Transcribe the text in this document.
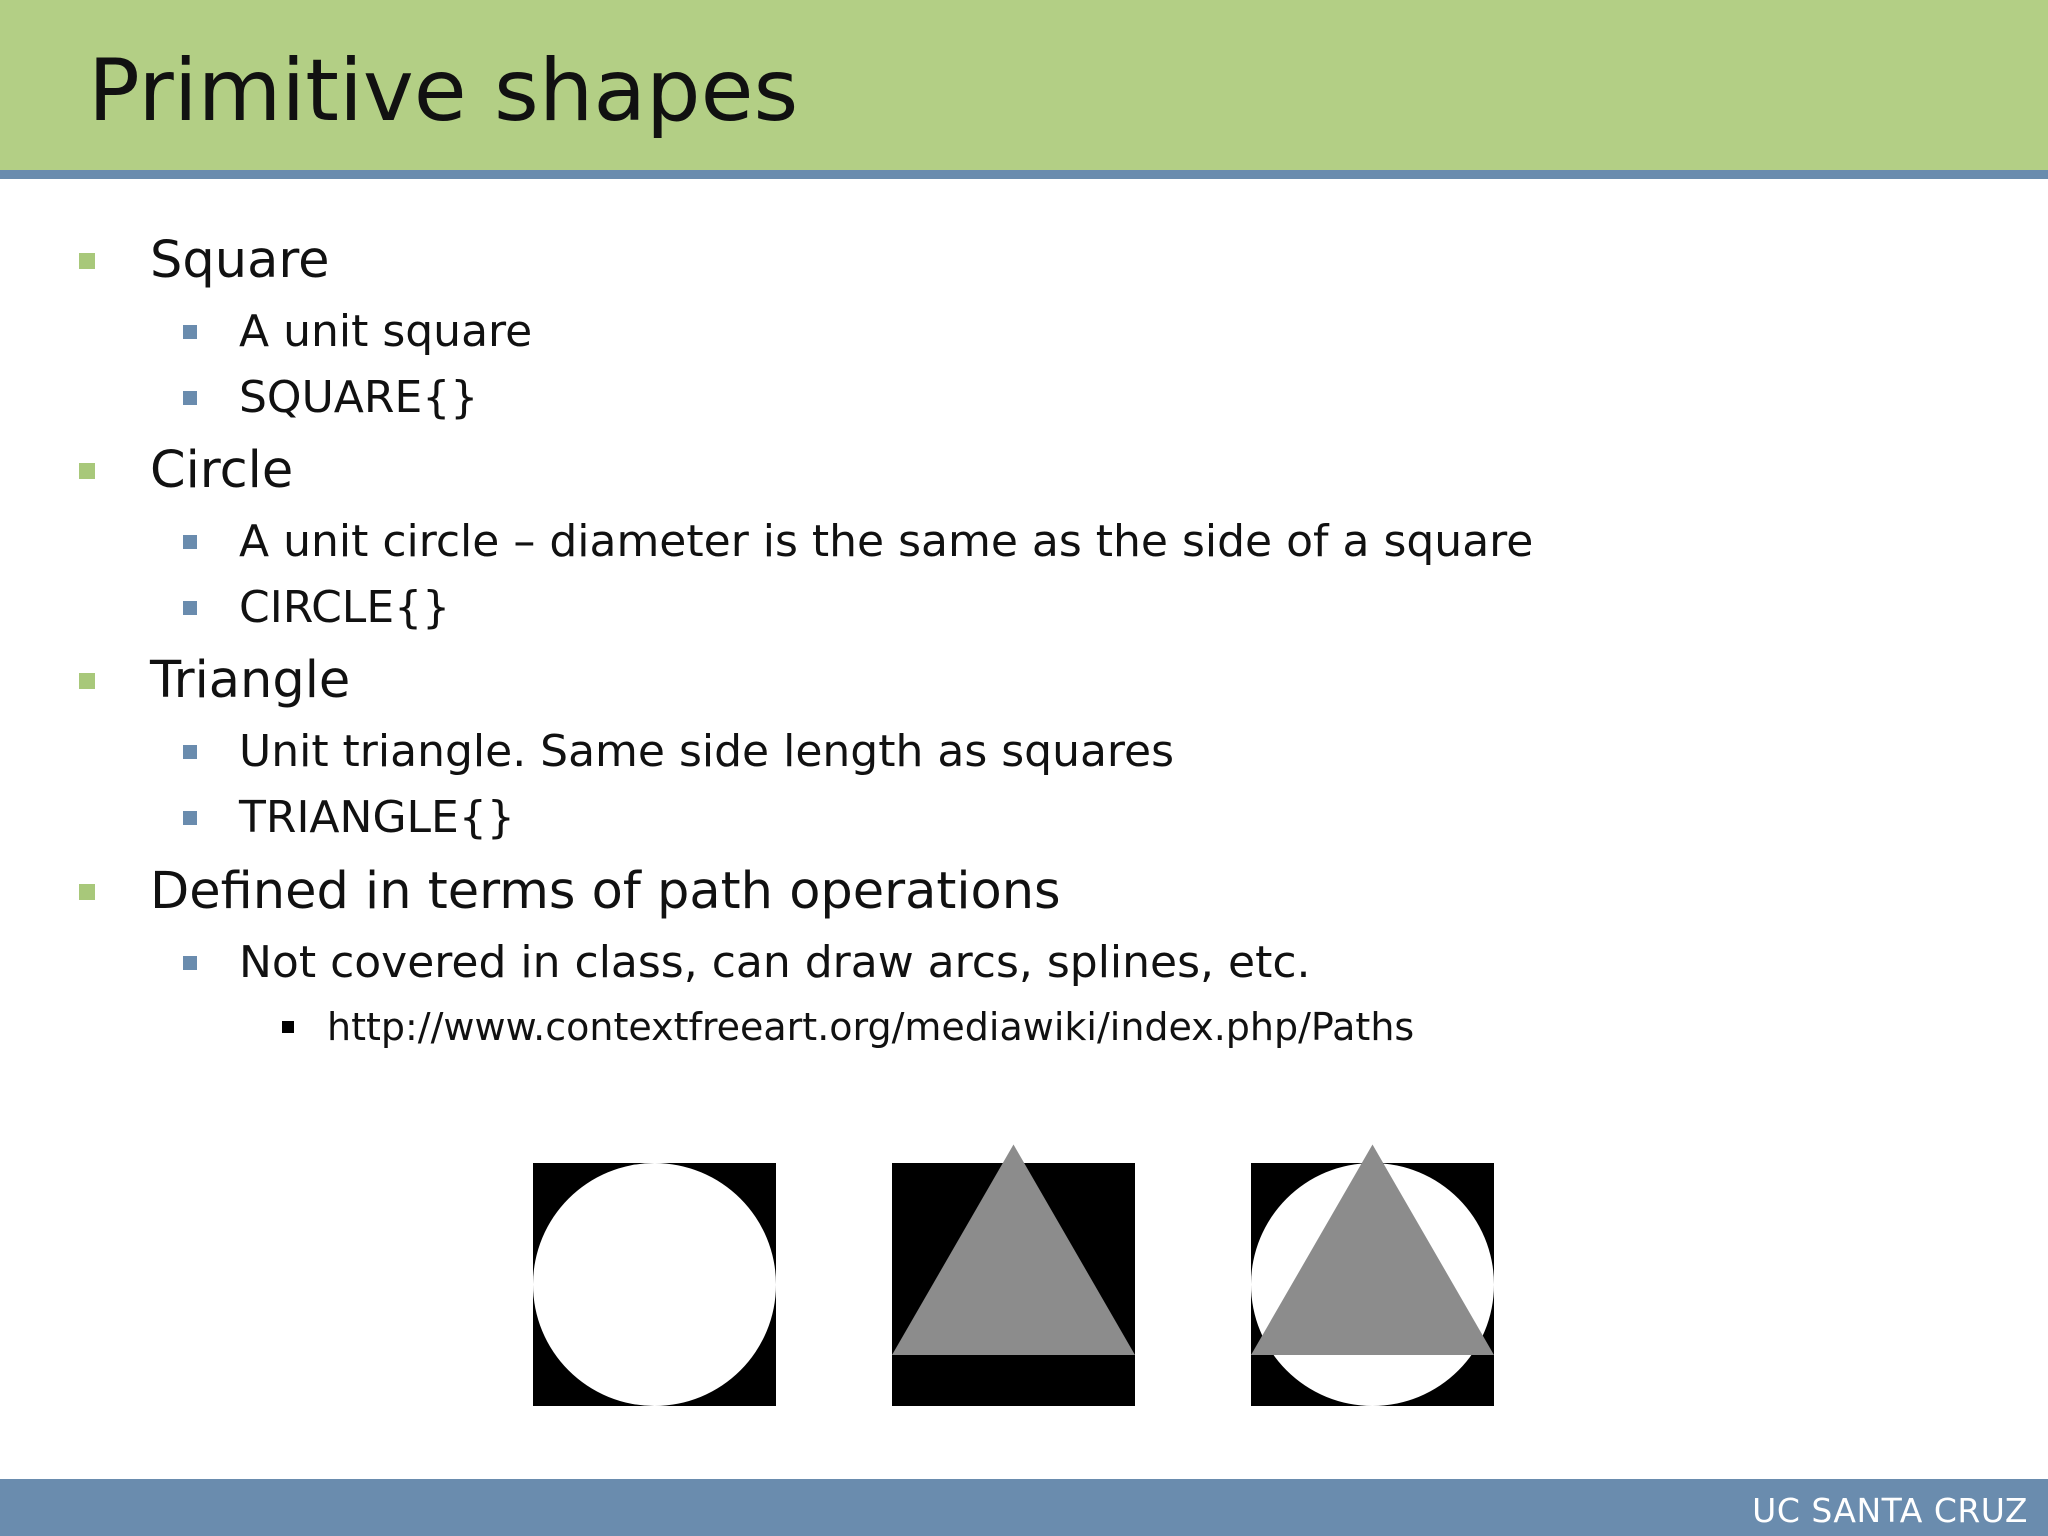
Primitive shapes
Square
A unit square
SQUARE{}
Circle
A unit circle – diameter is the same as the side of a square
CIRCLE{}
Triangle
Unit triangle. Same side length as squares
TRIANGLE{}
Defined in terms of path operations
Not covered in class, can draw arcs, splines, etc.
http://www.contextfreeart.org/mediawiki/index.php/Paths
UC SANTA CRUZ
